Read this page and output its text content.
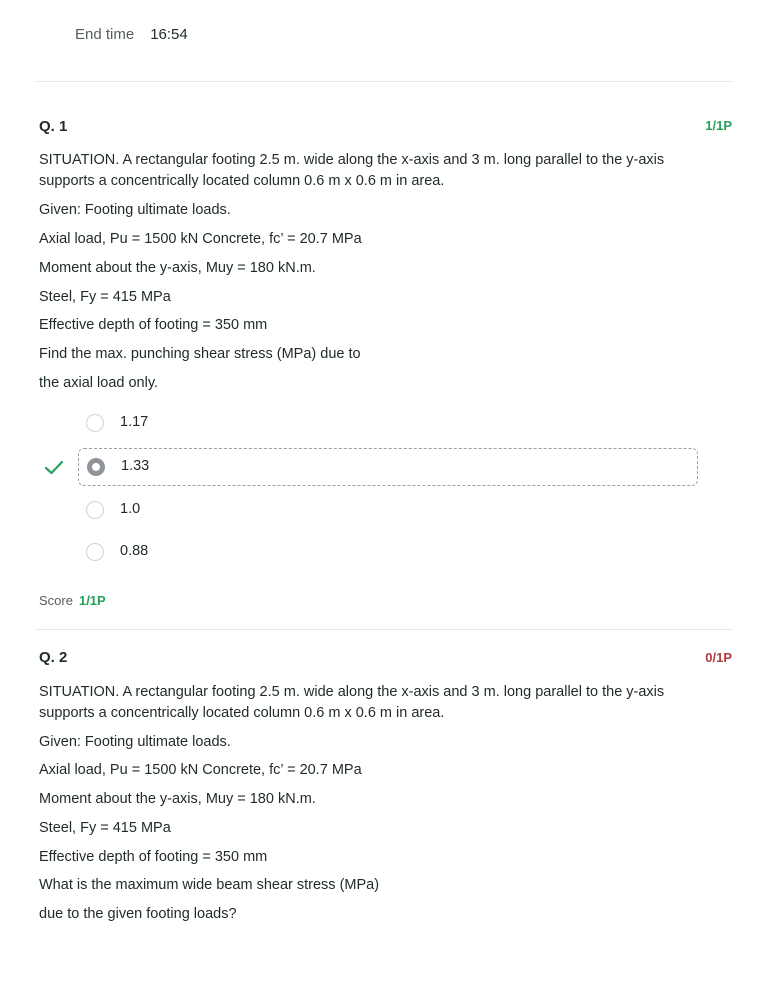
End time 16:54
Q. 1	1/1P

SITUATION. A rectangular footing 2.5 m. wide along the x-axis and 3 m. long parallel to the y-axis supports a concentrically located column 0.6 m x 0.6 m in area.

Given: Footing ultimate loads.
Axial load, Pu = 1500 kN Concrete, fc’ = 20.7 MPa
Moment about the y-axis, Muy = 180 kN.m.
Steel, Fy = 415 MPa
Effective depth of footing = 350 mm
Find the max. punching shear stress (MPa) due to
the axial load only.
1.17
1.33
1.0
0.88
Score 1/1P
Q. 2	0/1P

SITUATION. A rectangular footing 2.5 m. wide along the x-axis and 3 m. long parallel to the y-axis supports a concentrically located column 0.6 m x 0.6 m in area.

Given: Footing ultimate loads.
Axial load, Pu = 1500 kN Concrete, fc’ = 20.7 MPa
Moment about the y-axis, Muy = 180 kN.m.
Steel, Fy = 415 MPa
Effective depth of footing = 350 mm
What is the maximum wide beam shear stress (MPa)
due to the given footing loads?
